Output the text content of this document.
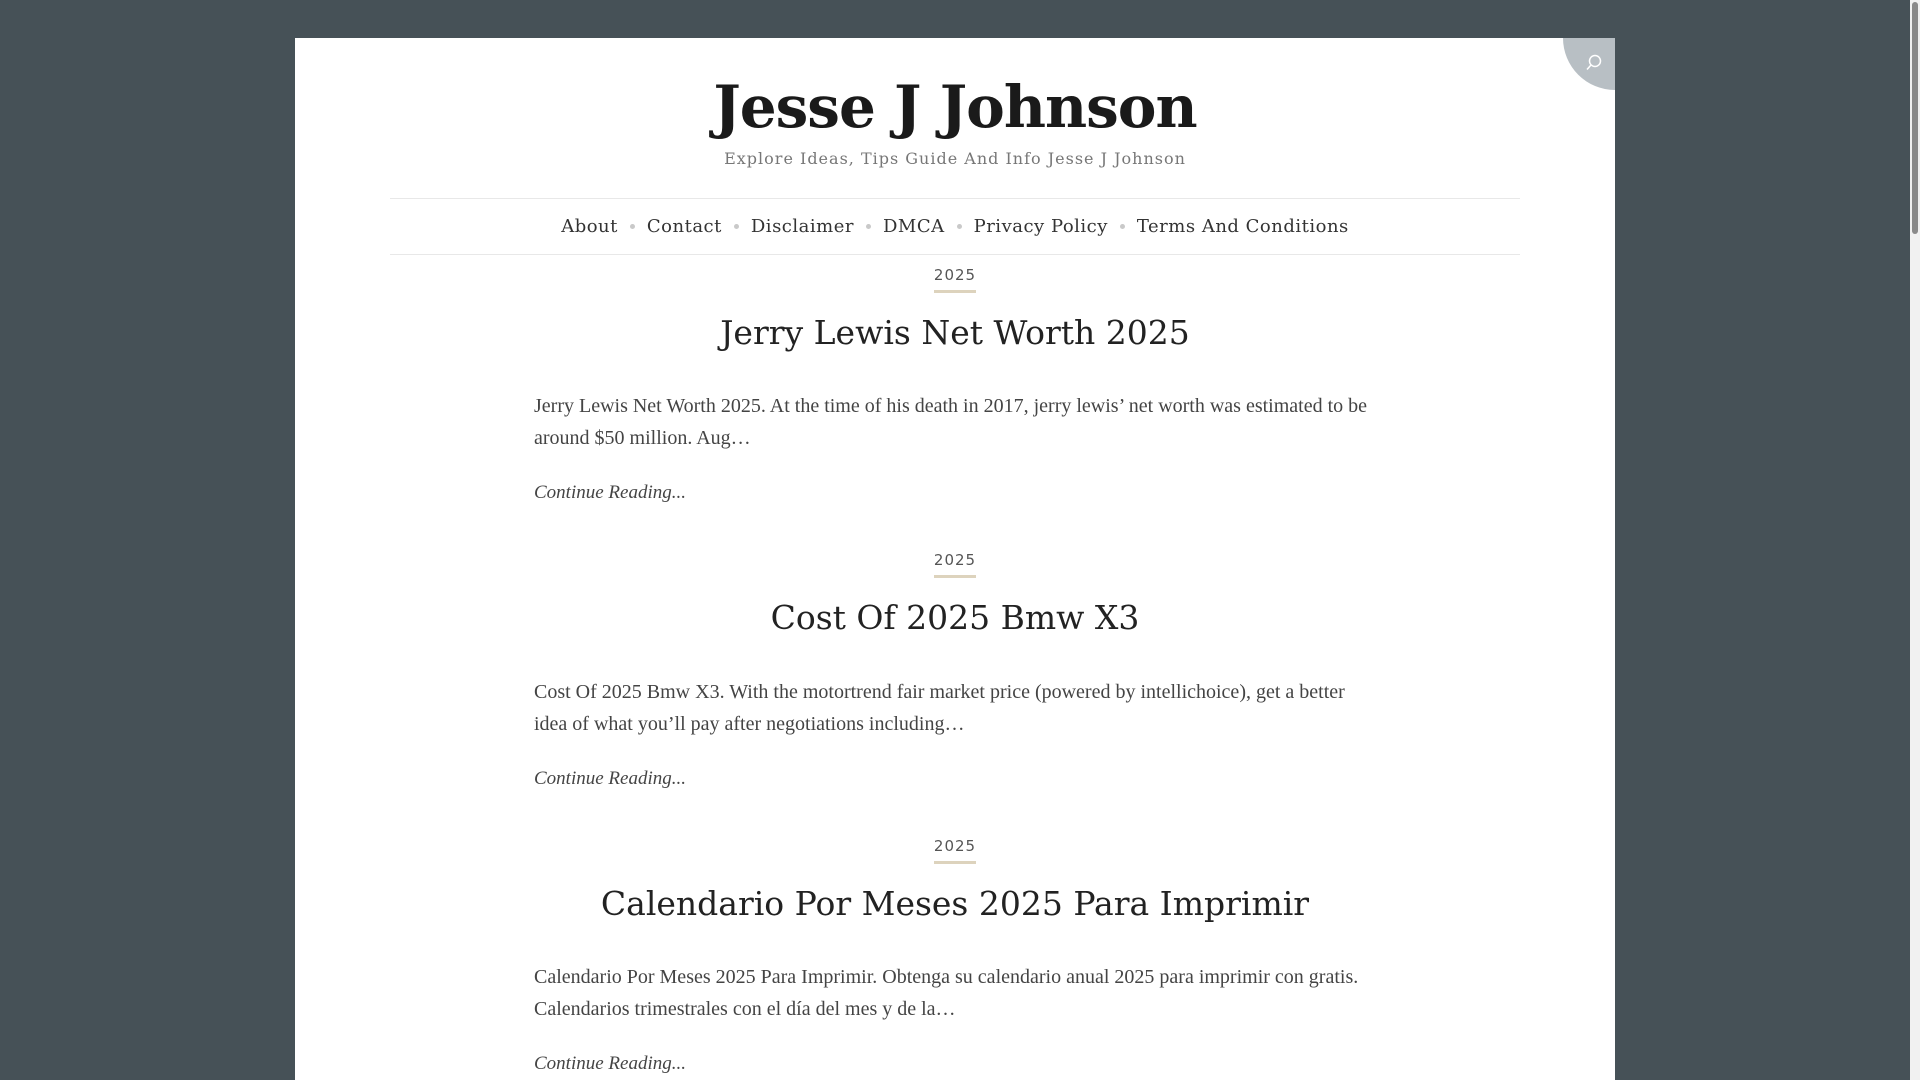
Jesse J Johnson
Explore Ideas, Tips Guide And Info Jesse J Johnson
About Contact Disclaimer DMCA Privacy Policy Terms And Conditions
2025
Jerry Lewis Net Worth 2025

Jerry Lewis Net Worth 2025. At the time of his death in 2017, jerry lewis’ net worth was estimated to be around $50 million. Aug…

Continue Reading...
2025
Cost Of 2025 Bmw X3

Cost Of 2025 Bmw X3. With the motortrend fair market price (powered by intellichoice), get a better idea of what you’ll pay after negotiations including…

Continue Reading...
2025
Calendario Por Meses 2025 Para Imprimir

Calendario Por Meses 2025 Para Imprimir. Obtenga su calendario anual 2025 para imprimir con gratis. Calendarios trimestrales con el día del mes y de la…

Continue Reading...
